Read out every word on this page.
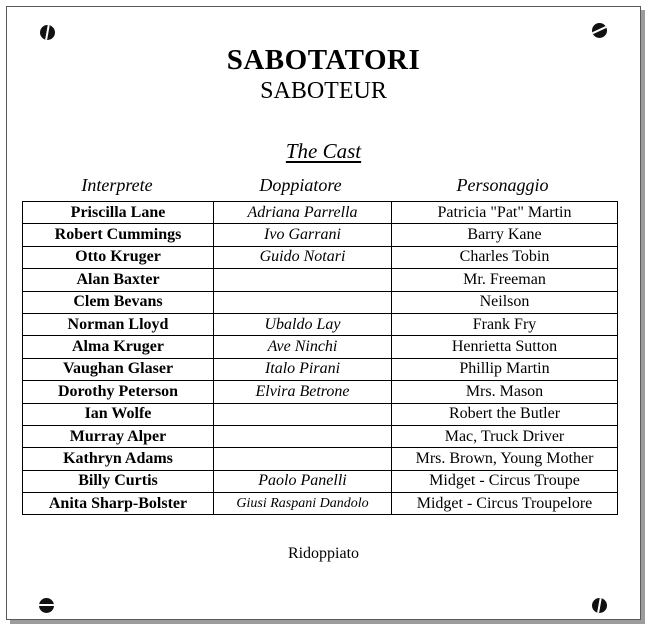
SABOTATORI
SABOTEUR
The Cast
Interprete	Doppiatore	Personaggio
Priscilla Lane	Adriana Parrella	Patricia "Pat" Martin
Robert Cummings	Ivo Garrani	Barry Kane
Otto Kruger	Guido Notari	Charles Tobin
Alan Baxter		Mr. Freeman
Clem Bevans		Neilson
Norman Lloyd	Ubaldo Lay	Frank Fry
Alma Kruger	Ave Ninchi	Henrietta Sutton
Vaughan Glaser	Italo Pirani	Phillip Martin
Dorothy Peterson	Elvira Betrone	Mrs. Mason
Ian Wolfe		Robert the Butler
Murray Alper		Mac, Truck Driver
Kathryn Adams		Mrs. Brown, Young Mother
Billy Curtis	Paolo Panelli	Midget - Circus Troupe
Anita Sharp-Bolster	Giusi Raspani Dandolo	Midget - Circus Troupelore
Ridoppiato
